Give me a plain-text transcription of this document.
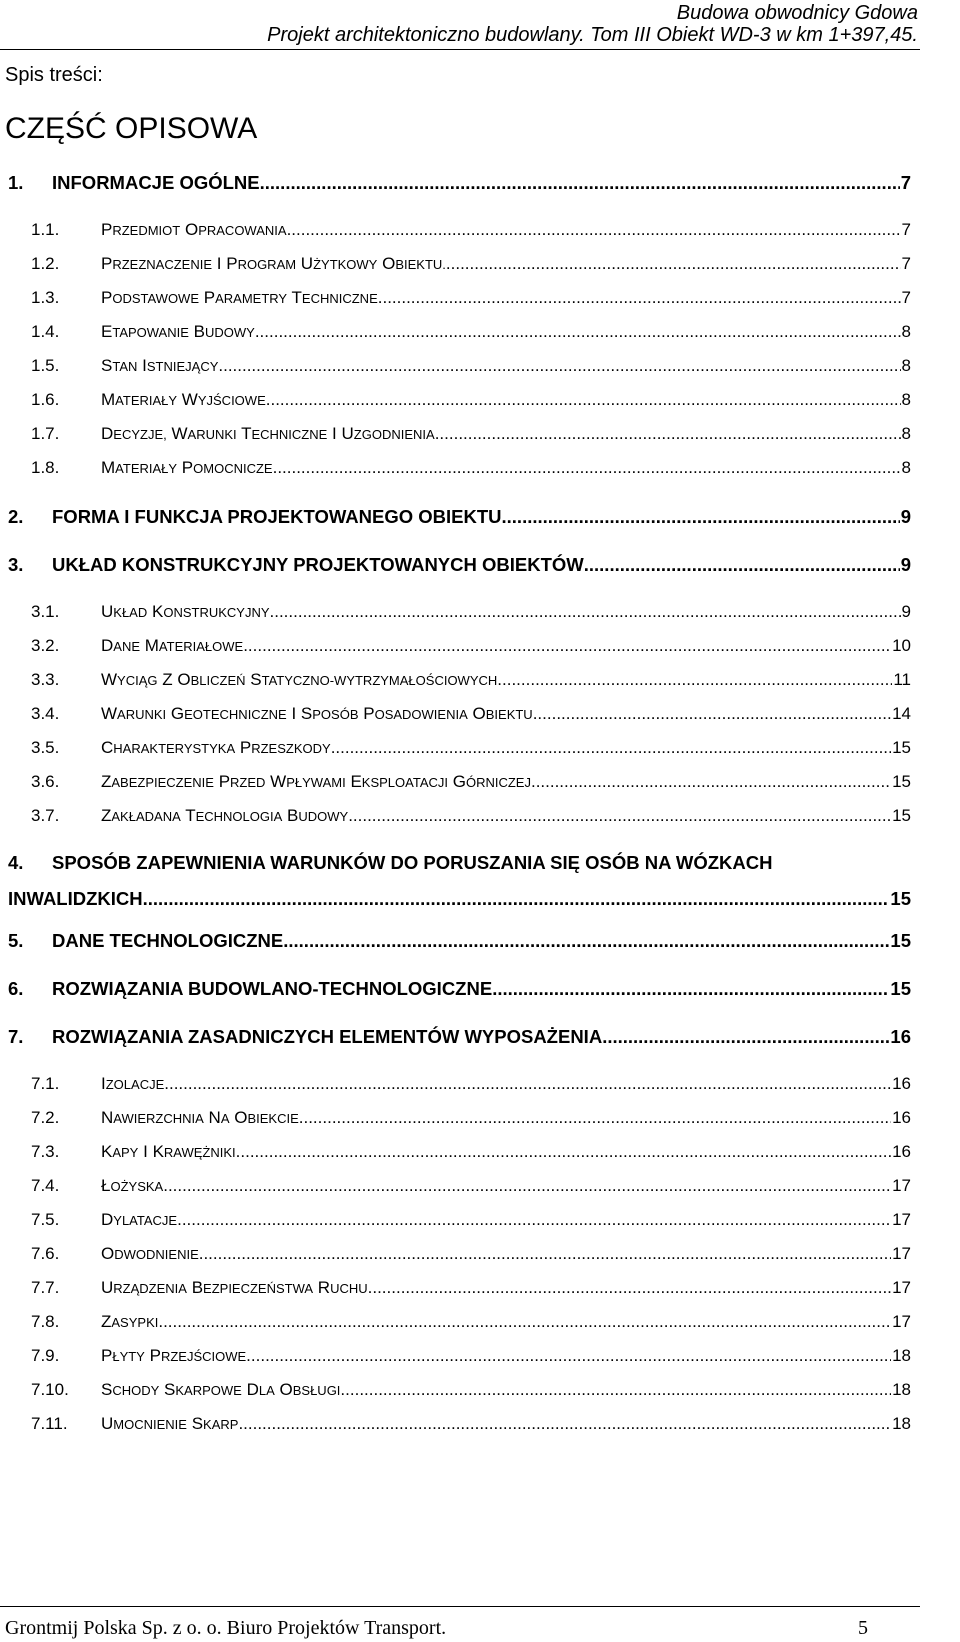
Budowa obwodnicy Gdowa
Projekt architektoniczno budowlany. Tom III Obiekt WD-3 w km 1+397,45.
Spis treści:
CZĘŚĆ OPISOWA
1. INFORMACJE OGÓLNE .....	7
1.1. PRZEDMIOT OPRACOWANIA .....	7
1.2. PRZEZNACZENIE I PROGRAM UŻYTKOWY OBIEKTU. .....	7
1.3. PODSTAWOWE PARAMETRY TECHNICZNE .....	7
1.4. ETAPOWANIE BUDOWY .....	8
1.5. STAN ISTNIEJĄCY .....	8
1.6. MATERIAŁY WYJŚCIOWE .....	8
1.7. DECYZJE, WARUNKI TECHNICZNE I UZGODNIENIA .....	8
1.8. MATERIAŁY POMOCNICZE .....	8
2. FORMA I FUNKCJA PROJEKTOWANEGO OBIEKTU .....	9
3. UKŁAD KONSTRUKCYJNY PROJEKTOWANYCH OBIEKTÓW .....	9
3.1. UKŁAD KONSTRUKCYJNY .....	9
3.2. DANE MATERIAŁOWE .....	10
3.3. WYCIĄG Z OBLICZEŃ STATYCZNO-WYTRZYMAŁOŚCIOWYCH .....	11
3.4. WARUNKI GEOTECHNICZNE I SPOSÓB POSADOWIENIA OBIEKTU .....	14
3.5. CHARAKTERYSTYKA PRZESZKODY .....	15
3.6. ZABEZPIECZENIE PRZED WPŁYWAMI EKSPLOATACJI GÓRNICZEJ .....	15
3.7. ZAKŁADANA TECHNOLOGIA BUDOWY .....	15
4. SPOSÓB ZAPEWNIENIA WARUNKÓW DO PORUSZANIA SIĘ OSÓB NA WÓZKACH
INWALIDZKICH. .....	15
5. DANE TECHNOLOGICZNE .....	15
6. ROZWIĄZANIA BUDOWLANO-TECHNOLOGICZNE .....	15
7. ROZWIĄZANIA ZASADNICZYCH ELEMENTÓW WYPOSAŻENIA .....	16
7.1. IZOLACJE .....	16
7.2. NAWIERZCHNIA NA OBIEKCIE .....	16
7.3. KAPY I KRAWĘŻNIKI .....	16
7.4. ŁOŻYSKA .....	17
7.5. DYLATACJE .....	17
7.6. ODWODNIENIE .....	17
7.7. URZĄDZENIA BEZPIECZEŃSTWA RUCHU .....	17
7.8. ZASYPKI .....	17
7.9. PŁYTY PRZEJŚCIOWE .....	18
7.10. SCHODY SKARPOWE DLA OBSŁUGI .....	18
7.11. UMOCNIENIE SKARP .....	18
Grontmij Polska Sp. z o. o. Biuro Projektów Transport.	5
